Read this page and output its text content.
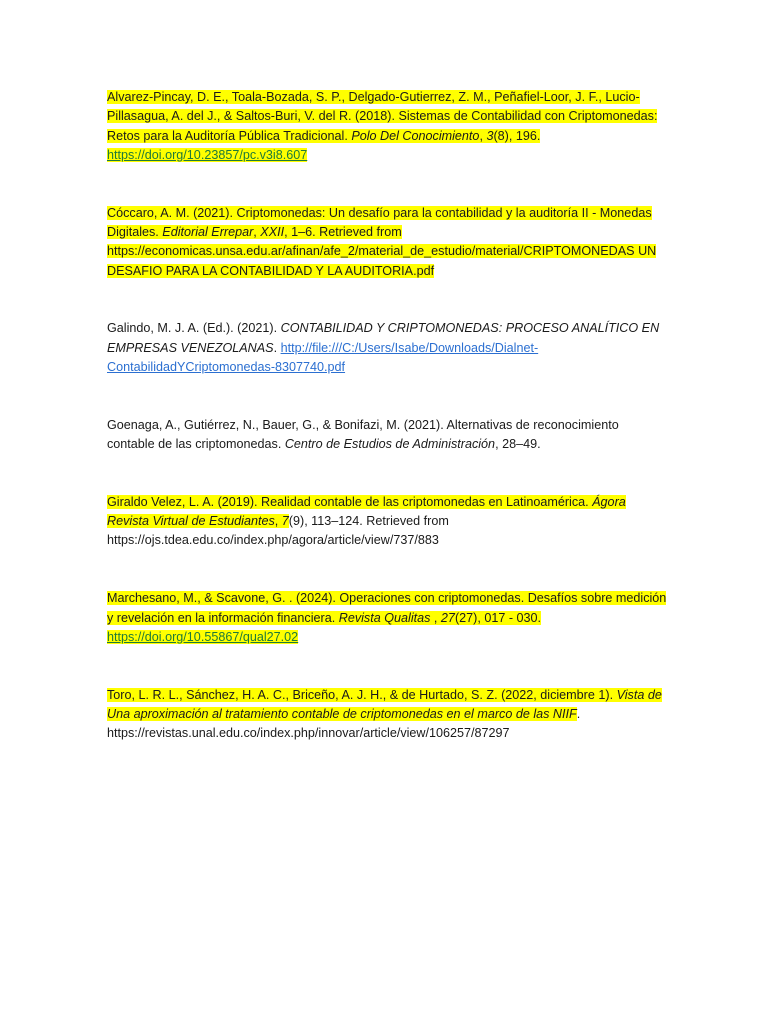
Alvarez-Pincay, D. E., Toala-Bozada, S. P., Delgado-Gutierrez, Z. M., Peñafiel-Loor, J. F., Lucio-Pillasagua, A. del J., & Saltos-Buri, V. del R. (2018). Sistemas de Contabilidad con Criptomonedas: Retos para la Auditoría Pública Tradicional. Polo Del Conocimiento, 3(8), 196. https://doi.org/10.23857/pc.v3i8.607

Cóccaro, A. M. (2021). Criptomonedas: Un desafío para la contabilidad y la auditoría II - Monedas Digitales. Editorial Errepar, XXII, 1–6. Retrieved from https://economicas.unsa.edu.ar/afinan/afe_2/material_de_estudio/material/CRIPTOMONEDAS UN DESAFIO PARA LA CONTABILIDAD Y LA AUDITORIA.pdf

Galindo, M. J. A. (Ed.). (2021). CONTABILIDAD Y CRIPTOMONEDAS: PROCESO ANALÍTICO EN EMPRESAS VENEZOLANAS. http://file:///C:/Users/Isabe/Downloads/Dialnet-ContabilidadYCriptomonedas-8307740.pdf

Goenaga, A., Gutiérrez, N., Bauer, G., & Bonifazi, M. (2021). Alternativas de reconocimiento contable de las criptomonedas. Centro de Estudios de Administración, 28–49.

Giraldo Velez, L. A. (2019). Realidad contable de las criptomonedas en Latinoamérica. Ágora Revista Virtual de Estudiantes, 7(9), 113–124. Retrieved from https://ojs.tdea.edu.co/index.php/agora/article/view/737/883

Marchesano, M., & Scavone, G. . (2024). Operaciones con criptomonedas. Desafíos sobre medición y revelación en la información financiera. Revista Qualitas , 27(27), 017 - 030. https://doi.org/10.55867/qual27.02

Toro, L. R. L., Sánchez, H. A. C., Briceño, A. J. H., & de Hurtado, S. Z. (2022, diciembre 1). Vista de Una aproximación al tratamiento contable de criptomonedas en el marco de las NIIF. https://revistas.unal.edu.co/index.php/innovar/article/view/106257/87297
